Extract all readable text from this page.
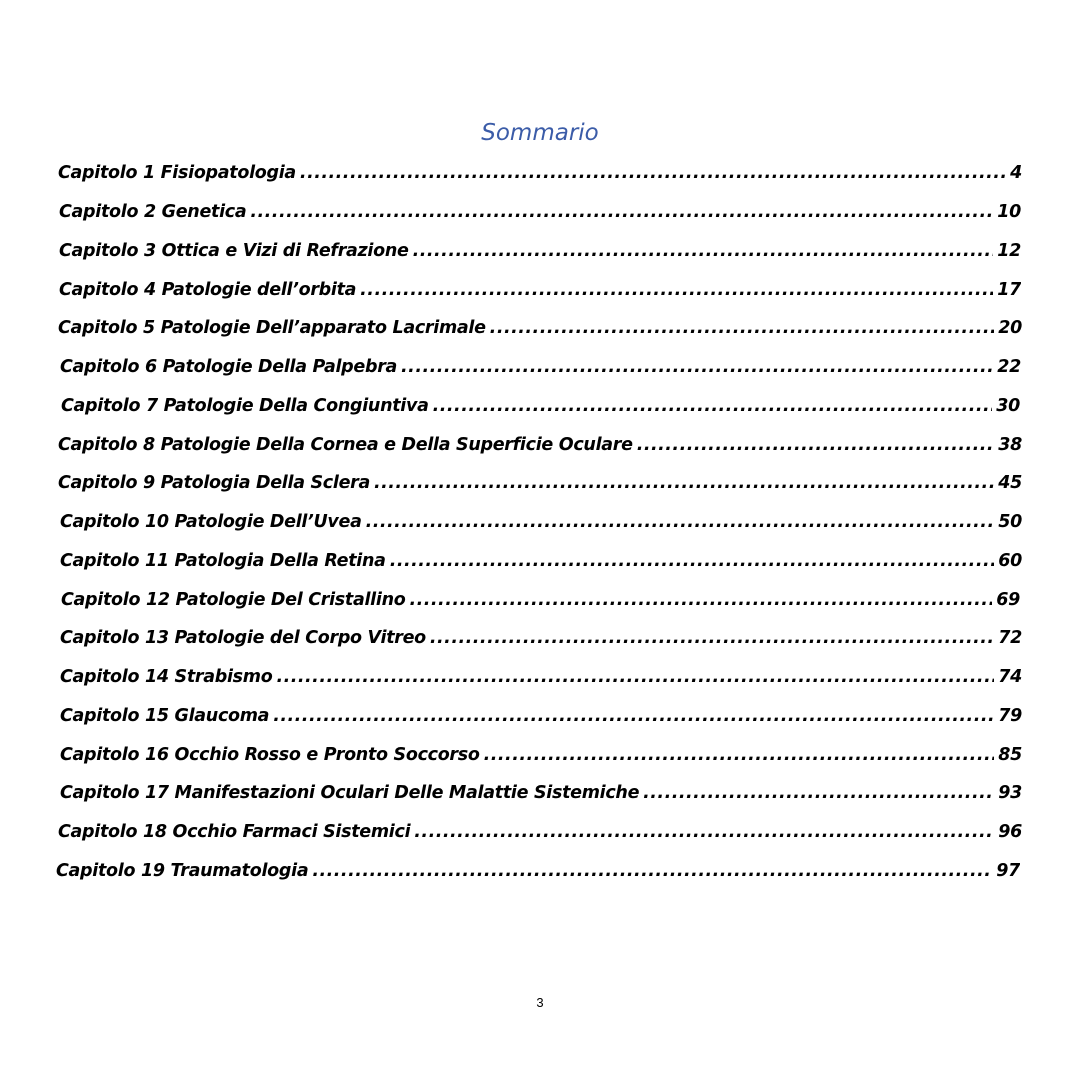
Sommario
Capitolo 1 Fisiopatologia .....	4
Capitolo 2 Genetica .....	10
Capitolo 3 Ottica e Vizi di Refrazione .....	12
Capitolo 4 Patologie dell’orbita .....	17
Capitolo 5 Patologie Dell’apparato Lacrimale .....	20
Capitolo 6 Patologie Della Palpebra .....	22
Capitolo 7 Patologie Della Congiuntiva .....	30
Capitolo 8 Patologie Della Cornea e Della Superficie Oculare .....	38
Capitolo 9 Patologia Della Sclera .....	45
Capitolo 10 Patologie Dell’Uvea .....	50
Capitolo 11 Patologia Della Retina .....	60
Capitolo 12 Patologie Del Cristallino .....	69
Capitolo 13 Patologie del Corpo Vitreo .....	72
Capitolo 14 Strabismo .....	74
Capitolo 15 Glaucoma .....	79
Capitolo 16 Occhio Rosso e Pronto Soccorso .....	85
Capitolo 17 Manifestazioni Oculari Delle Malattie Sistemiche .....	93
Capitolo 18 Occhio Farmaci Sistemici .....	96
Capitolo 19 Traumatologia .....	97
3
